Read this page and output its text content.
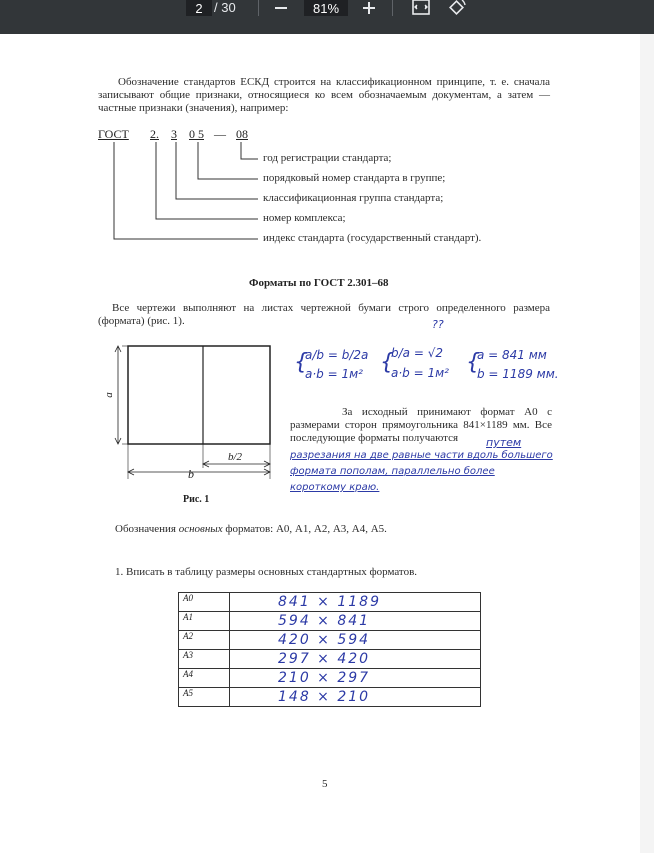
2
/ 30
81%

Обозначение стандартов ЕСКД строится на классификационном принципе, т. е. сначала записывают общие признаки, относящиеся ко всем обозначаемым документам, а затем — частные признаки (значения), например:

ГОСТ 2. 3 0 5 — 08
год регистрации стандарта;
порядковый номер стандарта в группе;
классификационная группа стандарта;
номер комплекса;
индекс стандарта (государственный стандарт).
Форматы по ГОСТ 2.301–68

Все чертежи выполняют на листах чертежной бумаги строго определенного размера (формата) (рис. 1).

a
b
b/2
Рис. 1
{
a/b = b/2a
a·b = 1м² {
b/a = √2
a·b = 1м²
??
{
a = 841 мм
b = 1189 мм.

За исходный принимают формат А0 с размерами сторон прямоугольника 841×1189 мм. Все последующие форматы получаются	путем
разрезания на две равные части вдоль большего
формата пополам, параллельно более
короткому краю.
Обозначения основных форматов: А0, А1, А2, А3, А4, А5.
1. Вписать в таблицу размеры основных стандартных форматов.
А0	841 × 1189
А1	594 × 841
А2	420 × 594
А3	297 × 420
А4	210 × 297
А5	148 × 210
5
